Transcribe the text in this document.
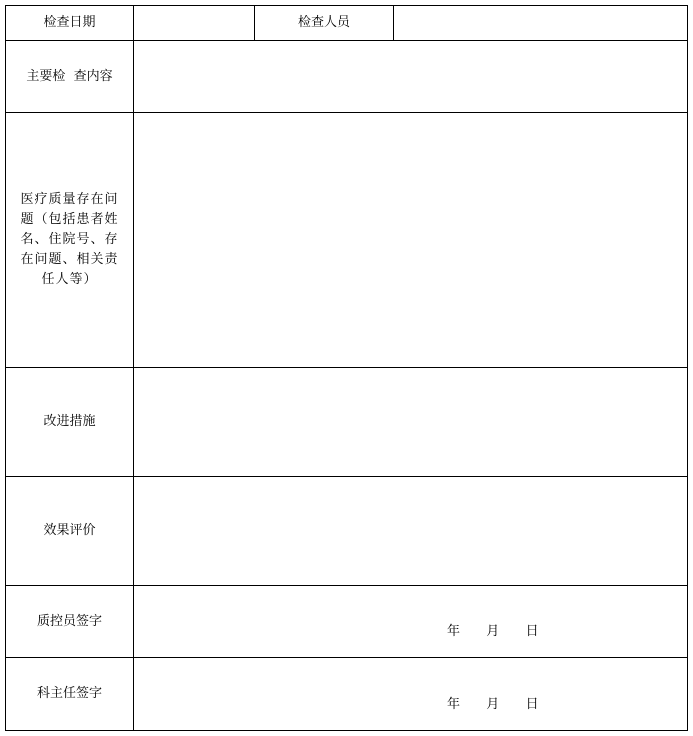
检查日期	检查人员
主要检  查内容
医疗质量存在问题（包括患者姓名、住院号、存在问题、相关责任人等）
改进措施
效果评价
质控员签字
年 月 日
科主任签字
年 月 日
